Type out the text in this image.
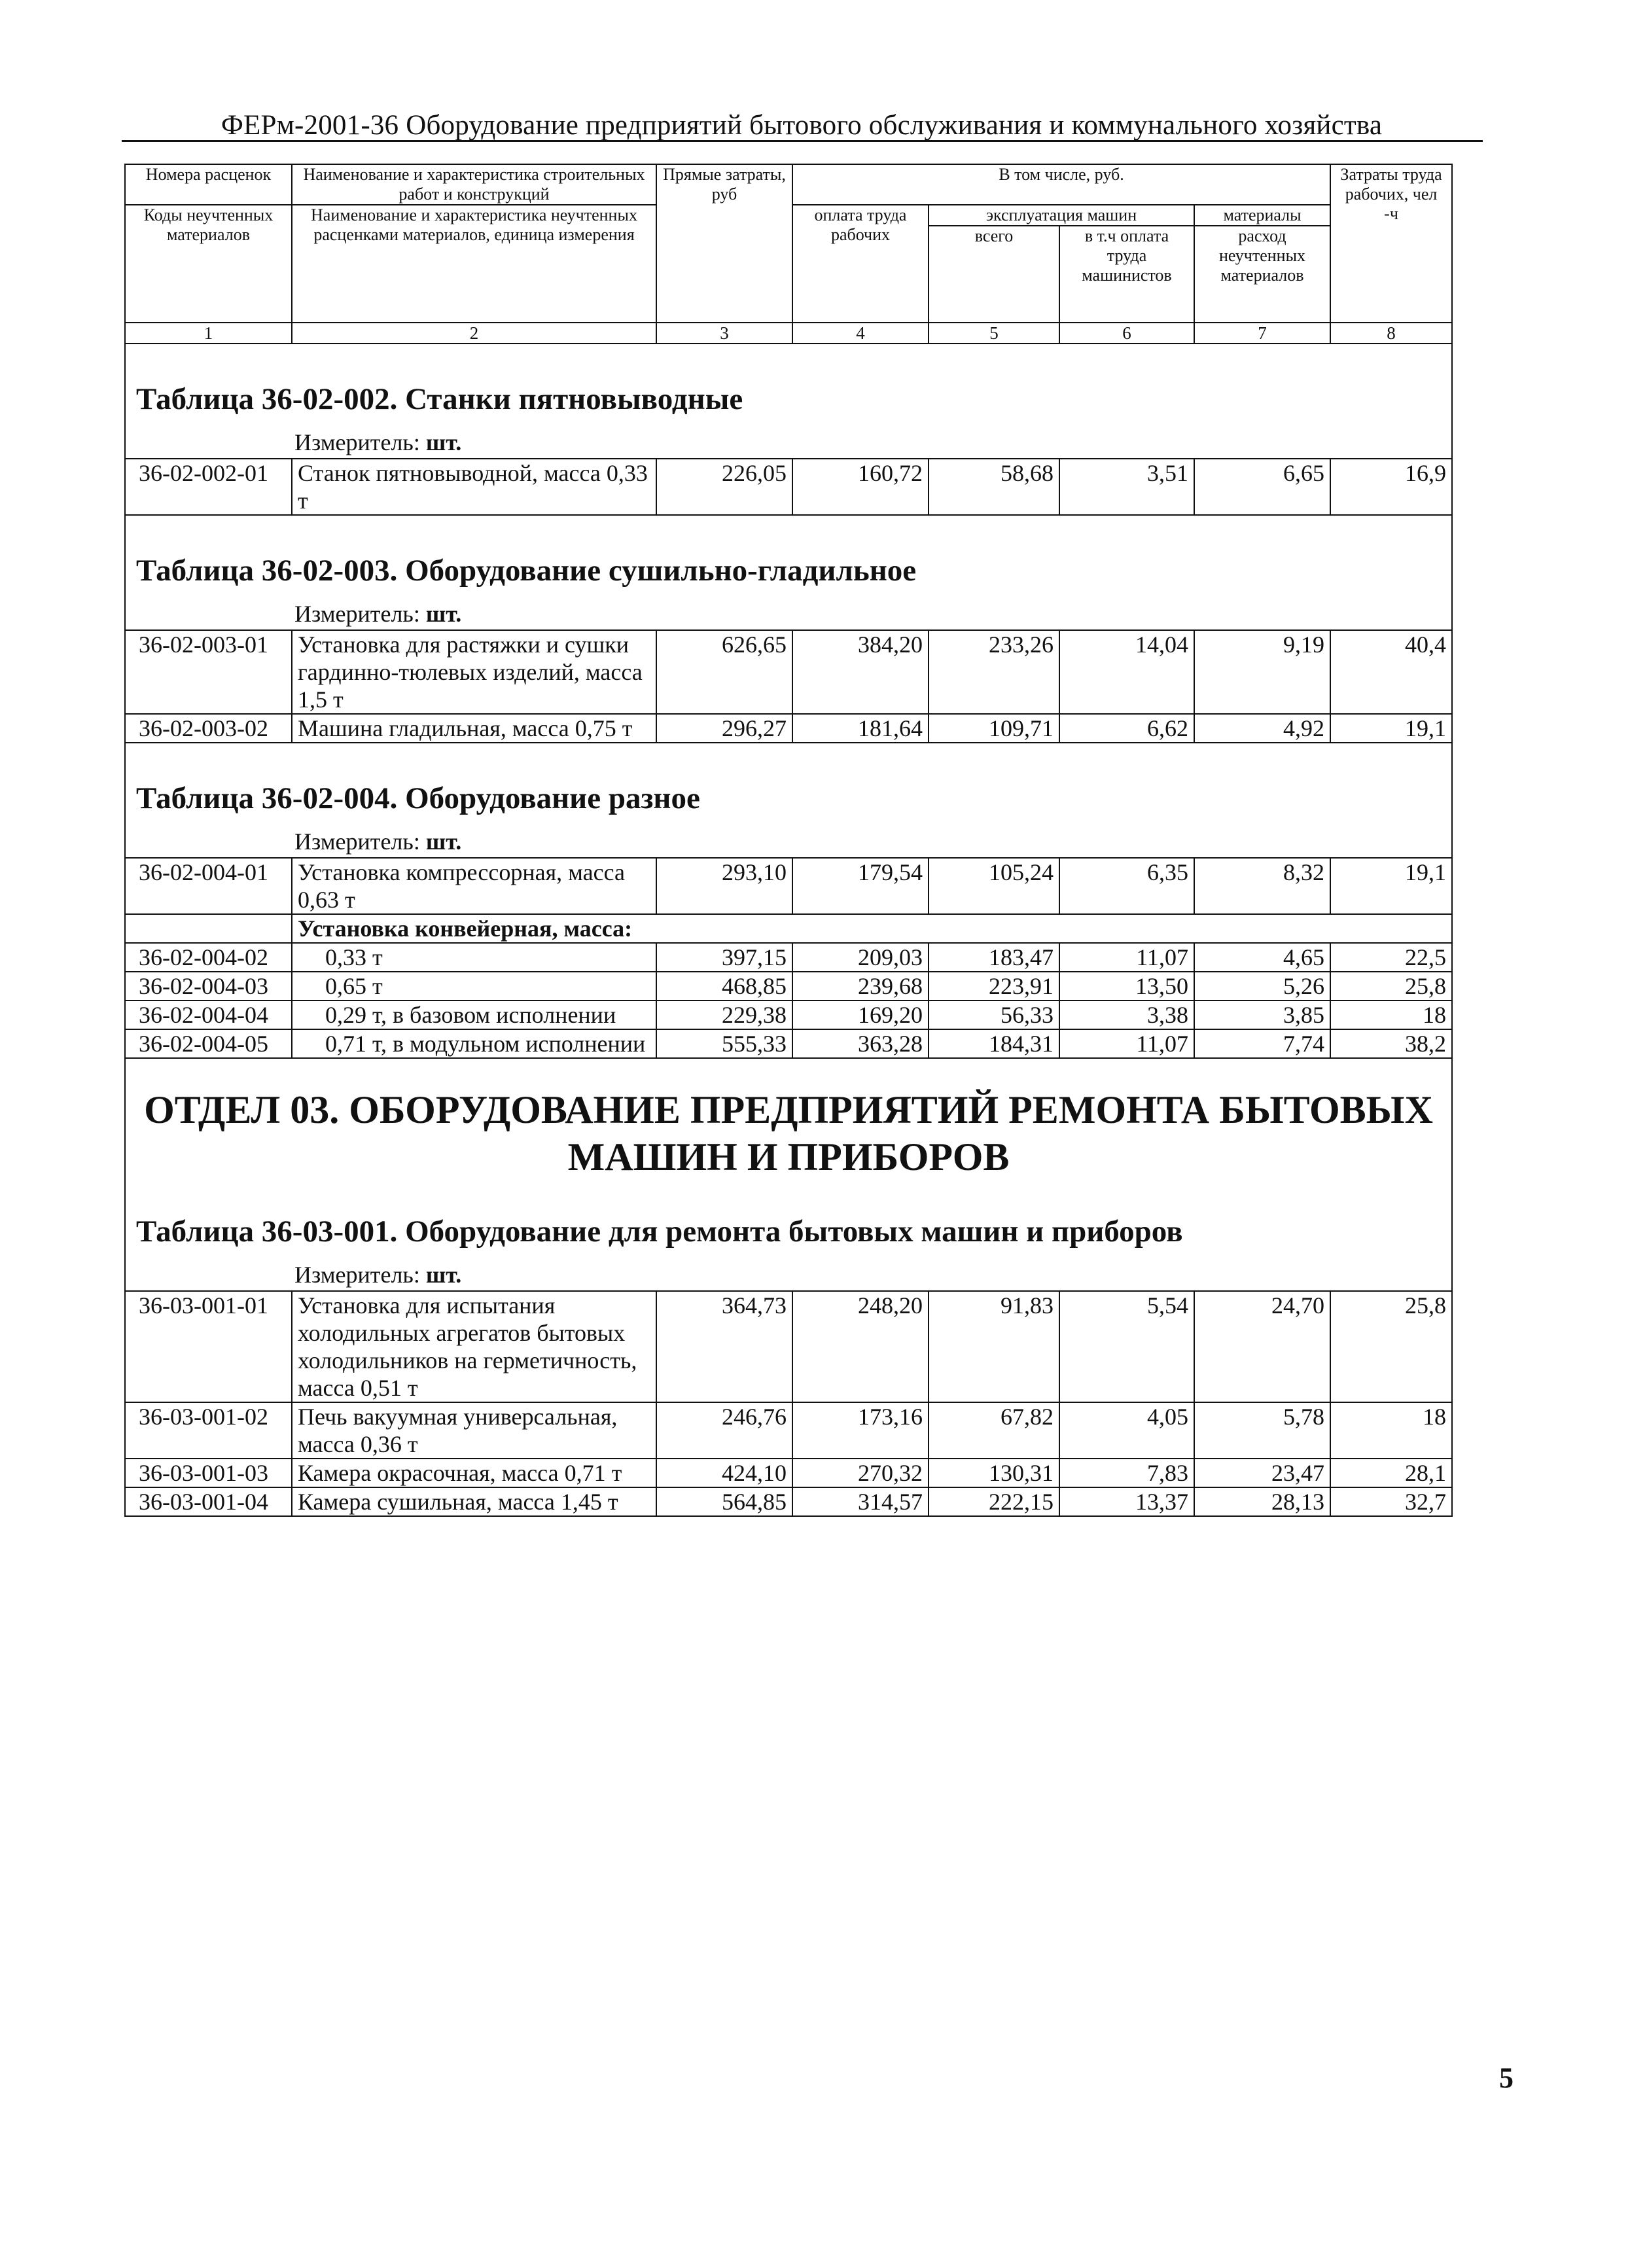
ФЕРм-2001-36 Оборудование предприятий бытового обслуживания и коммунального хозяйства
Номера расценок	Наименование и характеристика строительных работ и конструкций	Прямые затраты, руб	В том числе, руб.				Затраты труда рабочих, чел -ч
Коды неучтенных материалов	Наименование и характеристика неучтенных расценками материалов, единица измерения		оплата труда рабочих	эксплуатация машин		материалы	
				всего	в т.ч оплата труда машинистов	расход неучтенных материалов	
1	2	3	4	5	6	7	8

Таблица 36-02-002. Станки пятновыводные
Измеритель: шт.							

36-02-002-01	Станок пятновыводной, масса 0,33 т	226,05	160,72	58,68	3,51	6,65	16,9

Таблица 36-02-003. Оборудование сушильно-гладильное
Измеритель: шт.							

36-02-003-01	Установка для растяжки и сушки гардинно-тюлевых изделий, масса 1,5 т	626,65	384,20	233,26	14,04	9,19	40,4
36-02-003-02	Машина гладильная, масса 0,75 т	296,27	181,64	109,71	6,62	4,92	19,1

Таблица 36-02-004. Оборудование разное
Измеритель: шт.							

36-02-004-01	Установка компрессорная, масса 0,63 т	293,10	179,54	105,24	6,35	8,32	19,1
	Установка конвейерная, масса:						
36-02-004-02	0,33 т	397,15	209,03	183,47	11,07	4,65	22,5
36-02-004-03	0,65 т	468,85	239,68	223,91	13,50	5,26	25,8
36-02-004-04	0,29 т, в базовом исполнении	229,38	169,20	56,33	3,38	3,85	18
36-02-004-05	0,71 т, в модульном исполнении	555,33	363,28	184,31	11,07	7,74	38,2

ОТДЕЛ 03. ОБОРУДОВАНИЕ ПРЕДПРИЯТИЙ РЕМОНТА БЫТОВЫХ
МАШИН И ПРИБОРОВ
Таблица 36-03-001. Оборудование для ремонта бытовых машин и приборов
Измеритель: шт.							

36-03-001-01	Установка для испытания холодильных агрегатов бытовых холодильников на герметичность, масса 0,51 т	364,73	248,20	91,83	5,54	24,70	25,8
36-03-001-02	Печь вакуумная универсальная, масса 0,36 т	246,76	173,16	67,82	4,05	5,78	18
36-03-001-03	Камера окрасочная, масса 0,71 т	424,10	270,32	130,31	7,83	23,47	28,1
36-03-001-04	Камера сушильная, масса 1,45 т	564,85	314,57	222,15	13,37	28,13	32,7
5
